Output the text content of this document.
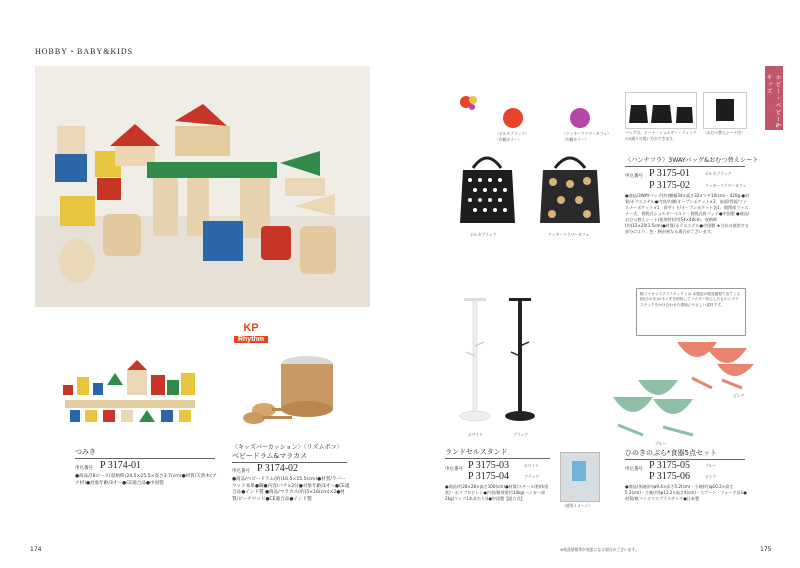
HOBBY・BABY&KIDS
つみき
申込番号 P 3174-01
●商品/78ピース(収納時)24.5×25.5×高さ3.7(cm)●材質/天然木(ブナ材)●対象年齢/3才〜●CE適合品●中国製
KP
Rhythm
〈キッズパーカッション〉〈リズムポコ〉
ベビードラム&マラカス
申込番号 P 3174-02
●商品/ベビードラム(約)16.5×15.5(cm)●材質/ラバーウッド本革●鋼●内容/バチ×2付●対象年齢/3才〜●CE適合品●インド製 ●商品/マラカス(約)5×16(cm)×2●材質/ビーチウッド●CE適合品●インド製
ホビー・ベビー&キッズ
〈ポルカブラック〉
〈内側カラー〉
〈クッキーフラワーカフェ〉
〈内側カラー〉
ポルカブラック	クッキーフラワーカフェ
バッグは、トート・ショルダー・リュックの3通りの使い方ができます。
〈おむつ替えシート付〉
〈ハンナフラ〉3WAYバッグ&おむつ替えシート
申込番号 P 3175-01	ポルカブラック
P 3175-02	クッキーフラワーカフェ
●商品/3WAYバッグ(約)横幅34×高さ32×マチ10(cm)・420g ●材質/ポリエステル●内容/内側/オープンポケット×3、前面/背面/ファスナーポケット×1、両サイド/オープンポケット各1、開閉部ファスナー式、着脱式ショルダーベルト・着脱式肩パッド●中国製 ●商品/おむつ替えシート(使用時)(約)54×40cm、収納時(約)13×20(1.5cm)●材質/ポリエステル●中国製 ★当社の使用する部分により、色・柄が異なる場合がございます。
ホワイト	ブラック
ランドセルスタンド
申込番号 P 3175-03	ホワイト
P 3175-04	ブラック
●商品/約28×28×高さ100(cm)●材質/スチール(粉体塗装)・ポリプロピレン●内容/耐荷重約10kg(ハンガー部2kg(フック1本あたり))●中国製【組立式】
〈使用イメージ〉
植バイオマスプラスチックとは 本製品の製造過程で出てくる籾(ひのき)の木くずを粉砕してパウダー状にしたものとプラスチックをかけ合わせた環境にやさしい素材です。
ピンク
ブルー
ひのきのぷら*食器5点セット
申込番号 P 3175-05	ブルー
P 3175-06	ピンク
●商品/茶碗(約)φ9.4×高さ5.2(cm)・小碗(約)φ10.2×高さ5.2(cm)・小鉢(約)φ11.2×高さ4(cm)・スプーン・フォーク各1●材質/植バイオマスプラスチック●日本製
174	※商品情報等が変更になる場合がございます。	175
